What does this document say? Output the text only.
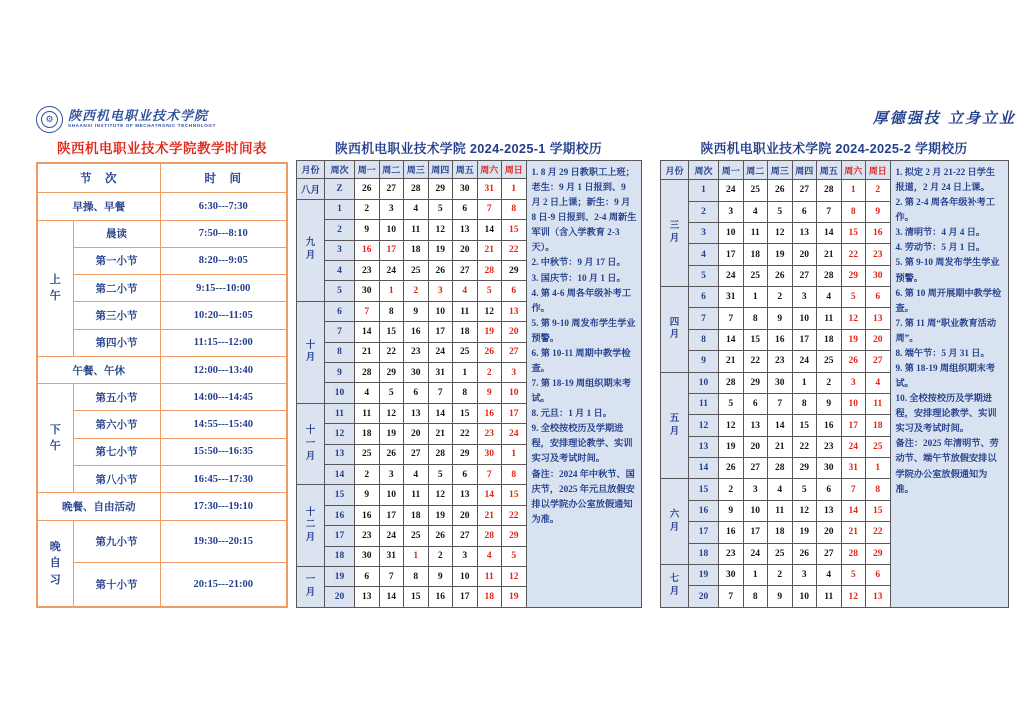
⚙	陕西机电职业技术学院
SHAANXI INSTITUTE OF MECHATRONIC TECHNOLOGY
陕西机电职业技术学院教学时间表
厚德强技 立身立业
节　次		时　间
早操、早餐		6:30---7:30

上
午	晨读	7:50---8:10
	第一小节	8:20---9:05
	第二小节	9:15---10:00
	第三小节	10:20---11:05
	第四小节	11:15---12:00
午餐、午休		12:00---13:40

下
午	第五小节	14:00---14:45
	第六小节	14:55---15:40
	第七小节	15:50---16:35
	第八小节	16:45---17:30
晚餐、自由活动		17:30---19:10

晚
自
习	第九小节	19:30---20:15
	第十小节	20:15---21:00
陕西机电职业技术学院 2024-2025-1 学期校历
月份	周次	周一	周二	周三	周四	周五	周六	周日	1. 8 月 29 日教职工上班；老生：9 月 1 日报到、9 月 2 日上课；新生：9 月 8 日-9 日报到、2-4 周新生军训（含入学教育 2-3 天）。
2. 中秋节：9 月 17 日。
3. 国庆节：10 月 1 日。
4. 第 4-6 周各年级补考工作。
5. 第 9-10 周发布学生学业预警。
6. 第 10-11 周期中教学检查。
7. 第 18-19 周组织期末考试。
8. 元旦：1 月 1 日。
9. 全校按校历及学期进程，安排理论教学、实训实习及考试时间。
备注：2024 年中秋节、国庆节，2025 年元旦放假安排以学院办公室放假通知为准。

八月	Z	26	27	28	29	30	31	1	

九
月	1	2	3	4	5	6	7	8	
	2	9	10	11	12	13	14	15	
	3	16	17	18	19	20	21	22	
	4	23	24	25	26	27	28	29	
	5	30	1	2	3	4	5	6	

十
月	6	7	8	9	10	11	12	13	
	7	14	15	16	17	18	19	20	
	8	21	22	23	24	25	26	27	
	9	28	29	30	31	1	2	3	
	10	4	5	6	7	8	9	10	

十
一
月	11	11	12	13	14	15	16	17	
	12	18	19	20	21	22	23	24	
	13	25	26	27	28	29	30	1	
	14	2	3	4	5	6	7	8	

十
二
月	15	9	10	11	12	13	14	15	
	16	16	17	18	19	20	21	22	
	17	23	24	25	26	27	28	29	
	18	30	31	1	2	3	4	5	

一
月	19	6	7	8	9	10	11	12	
	20	13	14	15	16	17	18	19	
陕西机电职业技术学院 2024-2025-2 学期校历
月份	周次	周一	周二	周三	周四	周五	周六	周日	1. 拟定 2 月 21-22 日学生报道，2 月 24 日上课。
2. 第 2-4 周各年级补考工作。
3. 清明节：4 月 4 日。
4. 劳动节：5 月 1 日。
5. 第 9-10 周发布学生学业预警。
6. 第 10 周开展期中教学检查。
7. 第 11 周“职业教育活动周”。
8. 端午节：5 月 31 日。
9. 第 18-19 周组织期末考试。
10. 全校按校历及学期进程，安排理论教学、实训实习及考试时间。
备注：2025 年清明节、劳动节、端午节放假安排以学院办公室放假通知为准。

三
月	1	24	25	26	27	28	1	2	
	2	3	4	5	6	7	8	9	
	3	10	11	12	13	14	15	16	
	4	17	18	19	20	21	22	23	
	5	24	25	26	27	28	29	30	

四
月	6	31	1	2	3	4	5	6	
	7	7	8	9	10	11	12	13	
	8	14	15	16	17	18	19	20	
	9	21	22	23	24	25	26	27	

五
月	10	28	29	30	1	2	3	4	
	11	5	6	7	8	9	10	11	
	12	12	13	14	15	16	17	18	
	13	19	20	21	22	23	24	25	
	14	26	27	28	29	30	31	1	

六
月	15	2	3	4	5	6	7	8	
	16	9	10	11	12	13	14	15	
	17	16	17	18	19	20	21	22	
	18	23	24	25	26	27	28	29	

七
月	19	30	1	2	3	4	5	6	
	20	7	8	9	10	11	12	13	
